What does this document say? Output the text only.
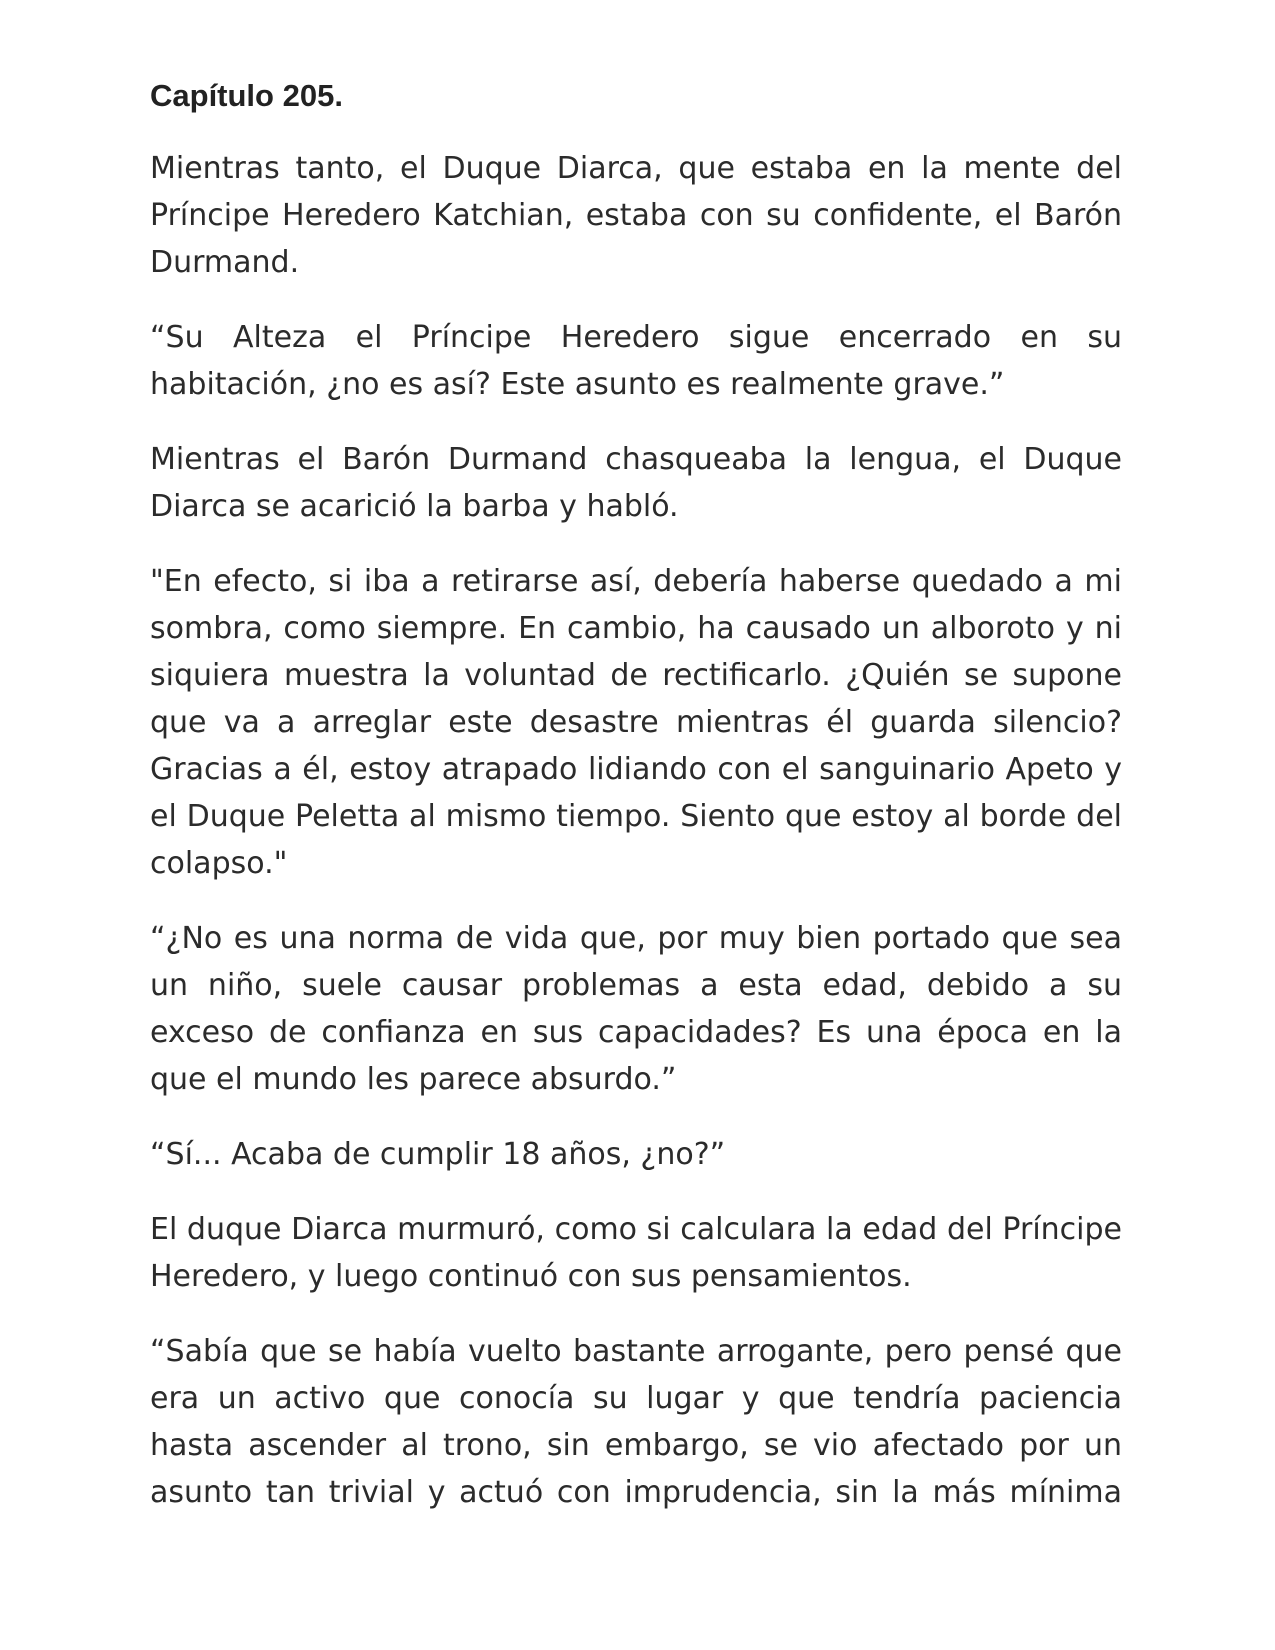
Capítulo 205.

Mientras tanto, el Duque Diarca, que estaba en la mente del Príncipe Heredero Katchian, estaba con su confidente, el Barón Durmand.

“Su Alteza el Príncipe Heredero sigue encerrado en su habitación, ¿no es así? Este asunto es realmente grave.”

Mientras el Barón Durmand chasqueaba la lengua, el Duque Diarca se acarició la barba y habló.

"En efecto, si iba a retirarse así, debería haberse quedado a mi sombra, como siempre. En cambio, ha causado un alboroto y ni siquiera muestra la voluntad de rectificarlo. ¿Quién se supone que va a arreglar este desastre mientras él guarda silencio? Gracias a él, estoy atrapado lidiando con el sanguinario Apeto y el Duque Peletta al mismo tiempo. Siento que estoy al borde del colapso."

“¿No es una norma de vida que, por muy bien portado que sea un niño, suele causar problemas a esta edad, debido a su exceso de confianza en sus capacidades? Es una época en la que el mundo les parece absurdo.”

“Sí... Acaba de cumplir 18 años, ¿no?”

El duque Diarca murmuró, como si calculara la edad del Príncipe Heredero, y luego continuó con sus pensamientos.

“Sabía que se había vuelto bastante arrogante, pero pensé que era un activo que conocía su lugar y que tendría paciencia hasta ascender al trono, sin embargo, se vio afectado por un asunto tan trivial y actuó con imprudencia, sin la más mínima
